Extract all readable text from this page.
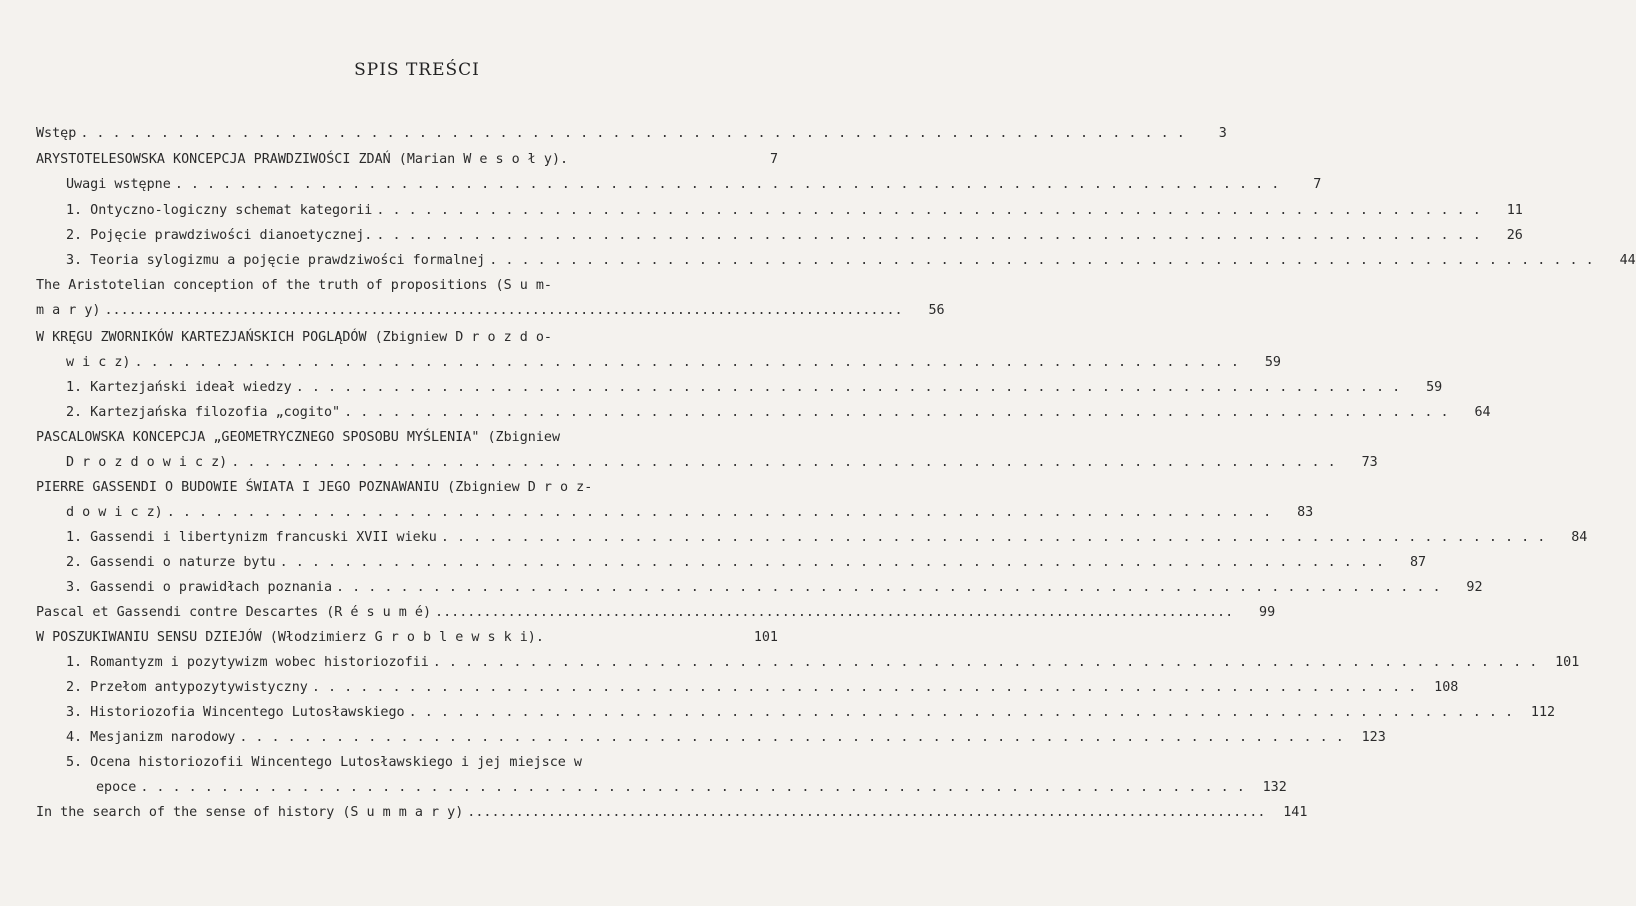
SPIS TREŚCI
Wstęp . . . . . . . . . . . . . . . . . . . . . . . . . . . . . . . . . . . . . . . . . . . . . . . . . . . . . . . . . . . . . . . . . . . . .	3
ARYSTOTELESOWSKA KONCEPCJA PRAWDZIWOŚCI ZDAŃ (Marian W e s o ł y).	7
Uwagi wstępne . . . . . . . . . . . . . . . . . . . . . . . . . . . . . . . . . . . . . . . . . . . . . . . . . . . . . . . . . . . . . . . . . . . . .	7
1. Ontyczno-logiczny schemat kategorii . . . . . . . . . . . . . . . . . . . . . . . . . . . . . . . . . . . . . . . . . . . . . . . . . . . . . . . . . . . . . . . . . . . . .	11
2. Pojęcie prawdziwości dianoetycznej. . . . . . . . . . . . . . . . . . . . . . . . . . . . . . . . . . . . . . . . . . . . . . . . . . . . . . . . . . . . . . . . . . . . . .	26
3. Teoria sylogizmu a pojęcie prawdziwości formalnej . . . . . . . . . . . . . . . . . . . . . . . . . . . . . . . . . . . . . . . . . . . . . . . . . . . . . . . . . . . . . . . . . . . . .	44
The Aristotelian conception of the truth of propositions (S u m-
m a r y) ...................................................................................................	56
W KRĘGU ZWORNIKÓW KARTEZJAŃSKICH POGLĄDÓW (Zbigniew D r o z d o-
w i c z) . . . . . . . . . . . . . . . . . . . . . . . . . . . . . . . . . . . . . . . . . . . . . . . . . . . . . . . . . . . . . . . . . . . . .	59
1. Kartezjański ideał wiedzy . . . . . . . . . . . . . . . . . . . . . . . . . . . . . . . . . . . . . . . . . . . . . . . . . . . . . . . . . . . . . . . . . . . . .	59
2. Kartezjańska filozofia „cogito" . . . . . . . . . . . . . . . . . . . . . . . . . . . . . . . . . . . . . . . . . . . . . . . . . . . . . . . . . . . . . . . . . . . . .	64
PASCALOWSKA KONCEPCJA „GEOMETRYCZNEGO SPOSOBU MYŚLENIA" (Zbigniew
D r o z d o w i c z) . . . . . . . . . . . . . . . . . . . . . . . . . . . . . . . . . . . . . . . . . . . . . . . . . . . . . . . . . . . . . . . . . . . . .	73
PIERRE GASSENDI O BUDOWIE ŚWIATA I JEGO POZNAWANIU (Zbigniew D r o z-
d o w i c z) . . . . . . . . . . . . . . . . . . . . . . . . . . . . . . . . . . . . . . . . . . . . . . . . . . . . . . . . . . . . . . . . . . . . .	83
1. Gassendi i libertynizm francuski XVII wieku . . . . . . . . . . . . . . . . . . . . . . . . . . . . . . . . . . . . . . . . . . . . . . . . . . . . . . . . . . . . . . . . . . . . .	84
2. Gassendi o naturze bytu . . . . . . . . . . . . . . . . . . . . . . . . . . . . . . . . . . . . . . . . . . . . . . . . . . . . . . . . . . . . . . . . . . . . .	87
3. Gassendi o prawidłach poznania . . . . . . . . . . . . . . . . . . . . . . . . . . . . . . . . . . . . . . . . . . . . . . . . . . . . . . . . . . . . . . . . . . . . .	92
Pascal et Gassendi contre Descartes (R é s u m é) ...................................................................................................	99
W POSZUKIWANIU SENSU DZIEJÓW (Włodzimierz G r o b l e w s k i).	101
1. Romantyzm i pozytywizm wobec historiozofii . . . . . . . . . . . . . . . . . . . . . . . . . . . . . . . . . . . . . . . . . . . . . . . . . . . . . . . . . . . . . . . . . . . . .	101
2. Przełom antypozytywistyczny . . . . . . . . . . . . . . . . . . . . . . . . . . . . . . . . . . . . . . . . . . . . . . . . . . . . . . . . . . . . . . . . . . . . .	108
3. Historiozofia Wincentego Lutosławskiego . . . . . . . . . . . . . . . . . . . . . . . . . . . . . . . . . . . . . . . . . . . . . . . . . . . . . . . . . . . . . . . . . . . . .	112
4. Mesjanizm narodowy . . . . . . . . . . . . . . . . . . . . . . . . . . . . . . . . . . . . . . . . . . . . . . . . . . . . . . . . . . . . . . . . . . . . .	123
5. Ocena historiozofii Wincentego Lutosławskiego i jej miejsce w
epoce . . . . . . . . . . . . . . . . . . . . . . . . . . . . . . . . . . . . . . . . . . . . . . . . . . . . . . . . . . . . . . . . . . . . .	132
In the search of the sense of history (S u m m a r y) ...................................................................................................	141
